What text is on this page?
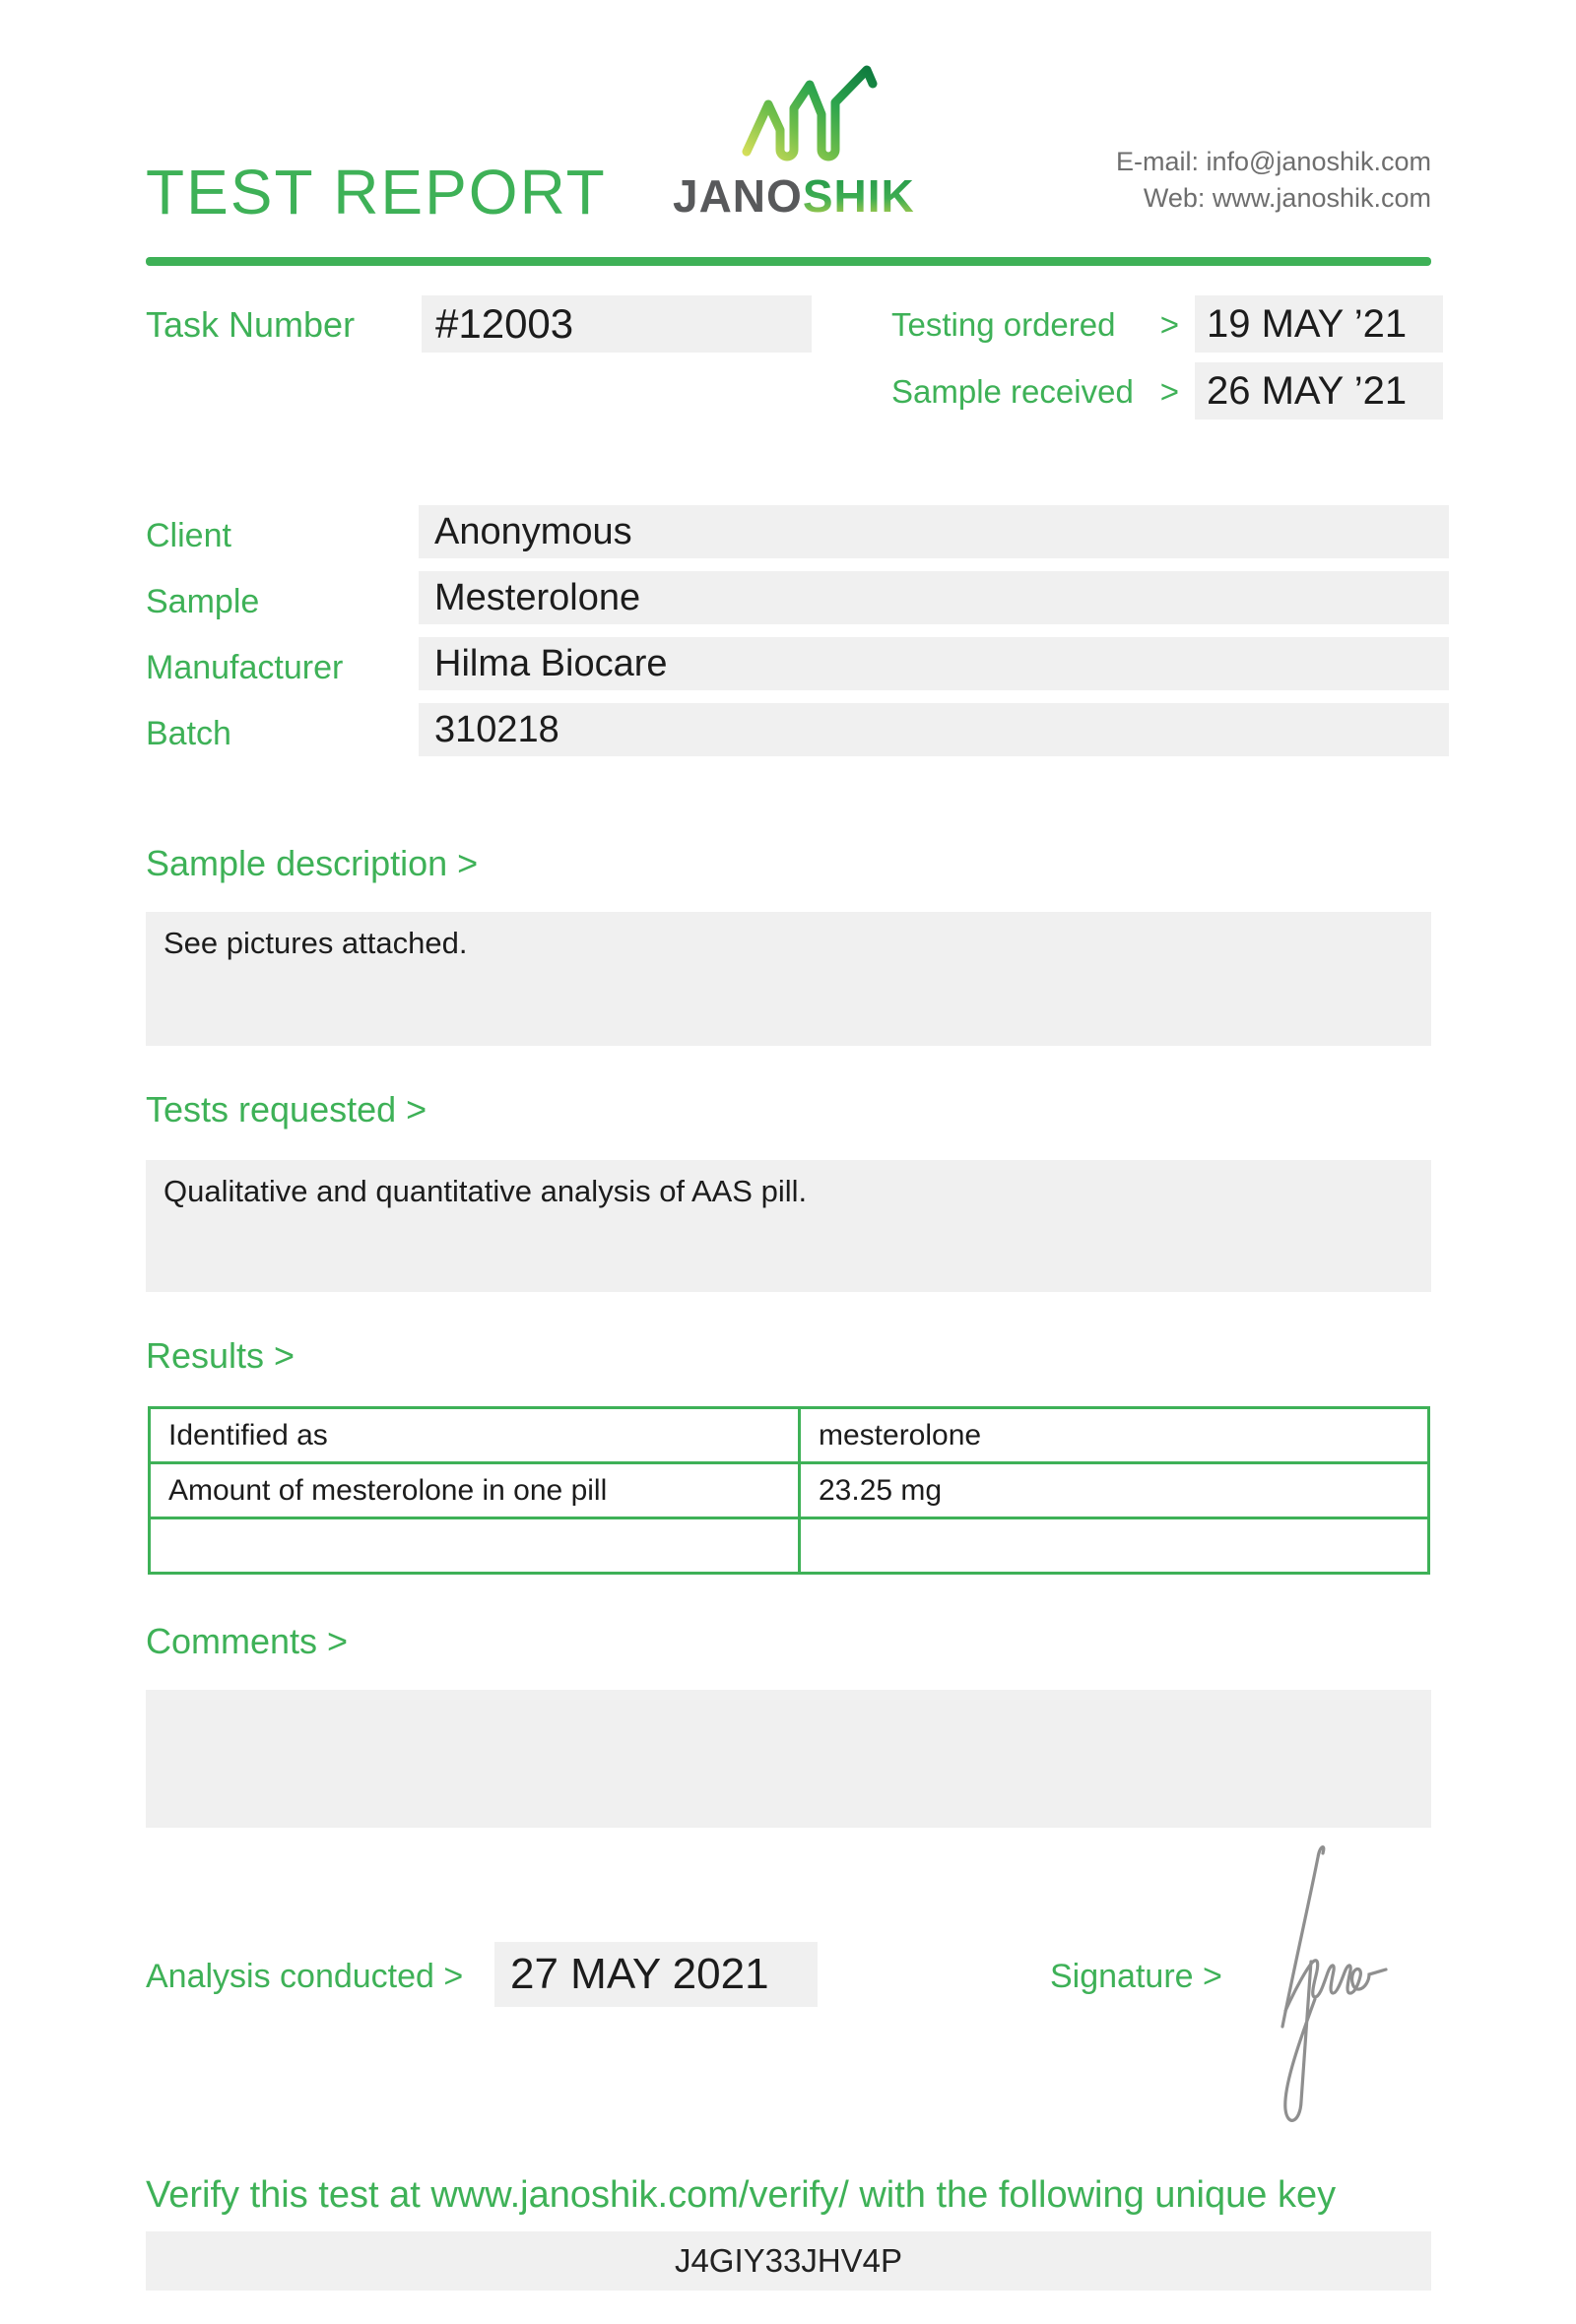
TEST REPORT JANOSHIK
E-mail: info@janoshik.com
Web: www.janoshik.com
Task Number	#12003	Testing ordered > 19 MAY ’21
Sample received > 26 MAY ’21
Client	Anonymous
Sample	Mesterolone
Manufacturer	Hilma Biocare
Batch	310218
Sample description >
See pictures attached.
Tests requested >
Qualitative and quantitative analysis of AAS pill.
Results >
Identified as	mesterolone
Amount of mesterolone in one pill	23.25 mg
Comments >
Analysis conducted >	27 MAY 2021	Signature >
Verify this test at www.janoshik.com/verify/ with the following unique key
J4GIY33JHV4P
